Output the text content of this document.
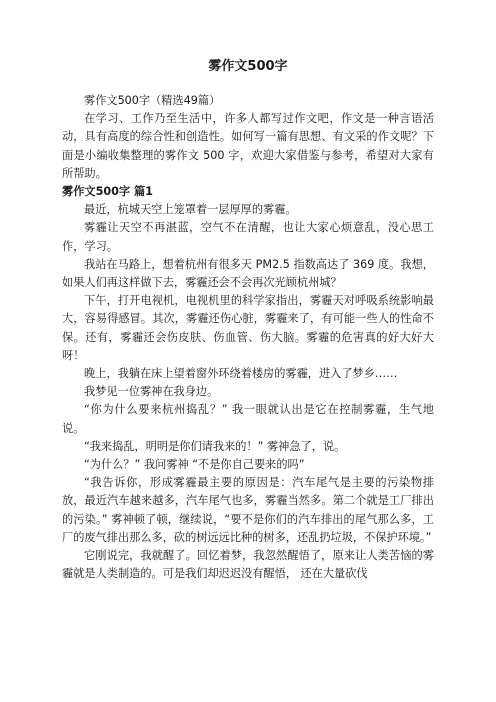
雾作文500字

雾作文500字（精选49篇）

在学习、工作乃至生活中，许多人都写过作文吧，作文是一种言语活动，具有高度的综合性和创造性。如何写一篇有思想、有文采的作文呢？下面是小编收集整理的雾作文 500 字，欢迎大家借鉴与参考，希望对大家有所帮助。

雾作文500字 篇1

最近，杭城天空上笼罩着一层厚厚的雾霾。

雾霾让天空不再湛蓝，空气不在清醒，也让大家心烦意乱，没心思工作，学习。

我站在马路上，想着杭州有很多天 PM2.5 指数高达了 369 度。我想，如果人们再这样做下去，雾霾还会不会再次光顾杭州城？

下午，打开电视机，电视机里的科学家指出，雾霾天对呼吸系统影响最大，容易得感冒。其次，雾霾还伤心脏，雾霾来了，有可能一些人的性命不保。还有，雾霾还会伤皮肤、伤血管、伤大脑。雾霾的危害真的好大好大呀！

晚上，我躺在床上望着窗外环绕着楼房的雾霾，进入了梦乡……

我梦见一位雾神在我身边。

“你为什么要来杭州捣乱？” 我一眼就认出是它在控制雾霾，生气地说。

“我来捣乱，明明是你们请我来的！” 雾神急了，说。

“为什么？” 我问雾神 “不是你自己要来的吗”

“我告诉你，形成雾霾最主要的原因是：汽车尾气是主要的污染物排放，最近汽车越来越多，汽车尾气也多，雾霾当然多。第二个就是工厂排出的污染。” 雾神顿了顿，继续说，“要不是你们的汽车排出的尾气那么多，工厂的废气排出那么多，砍的树远远比种的树多，还乱扔垃圾，不保护环境。”

它刚说完，我就醒了。回忆着梦，我忽然醒悟了，原来让人类苦恼的雾霾就是人类制造的。可是我们却迟迟没有醒悟， 还在大量砍伐
